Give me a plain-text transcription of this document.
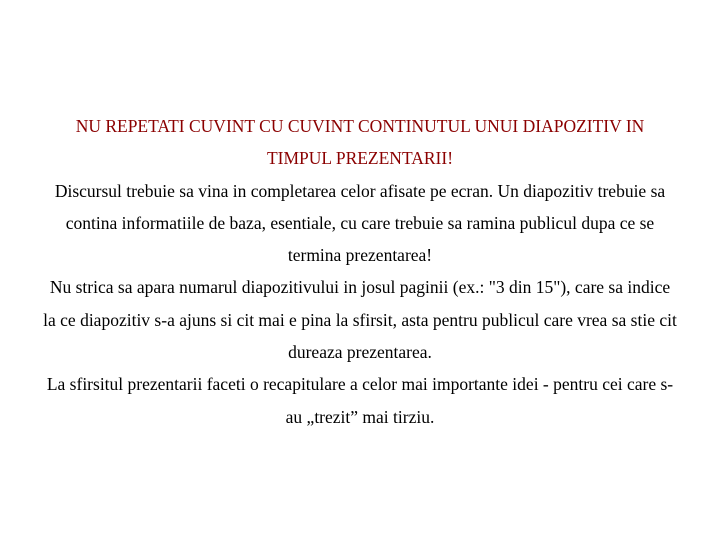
NU REPETATI CUVINT CU CUVINT CONTINUTUL UNUI DIAPOZITIV IN
TIMPUL PREZENTARII!
Discursul trebuie sa vina in completarea celor afisate pe ecran. Un diapozitiv trebuie sa
contina informatiile de baza, esentiale, cu care trebuie sa ramina publicul dupa ce se
termina prezentarea!
Nu strica sa apara numarul diapozitivului in josul paginii (ex.: "3 din 15"), care sa indice
la ce diapozitiv s-a ajuns si cit mai e pina la sfirsit, asta pentru publicul care vrea sa stie cit
dureaza prezentarea.
La sfirsitul prezentarii faceti o recapitulare a celor mai importante idei - pentru cei care s-
au „trezit” mai tirziu.
